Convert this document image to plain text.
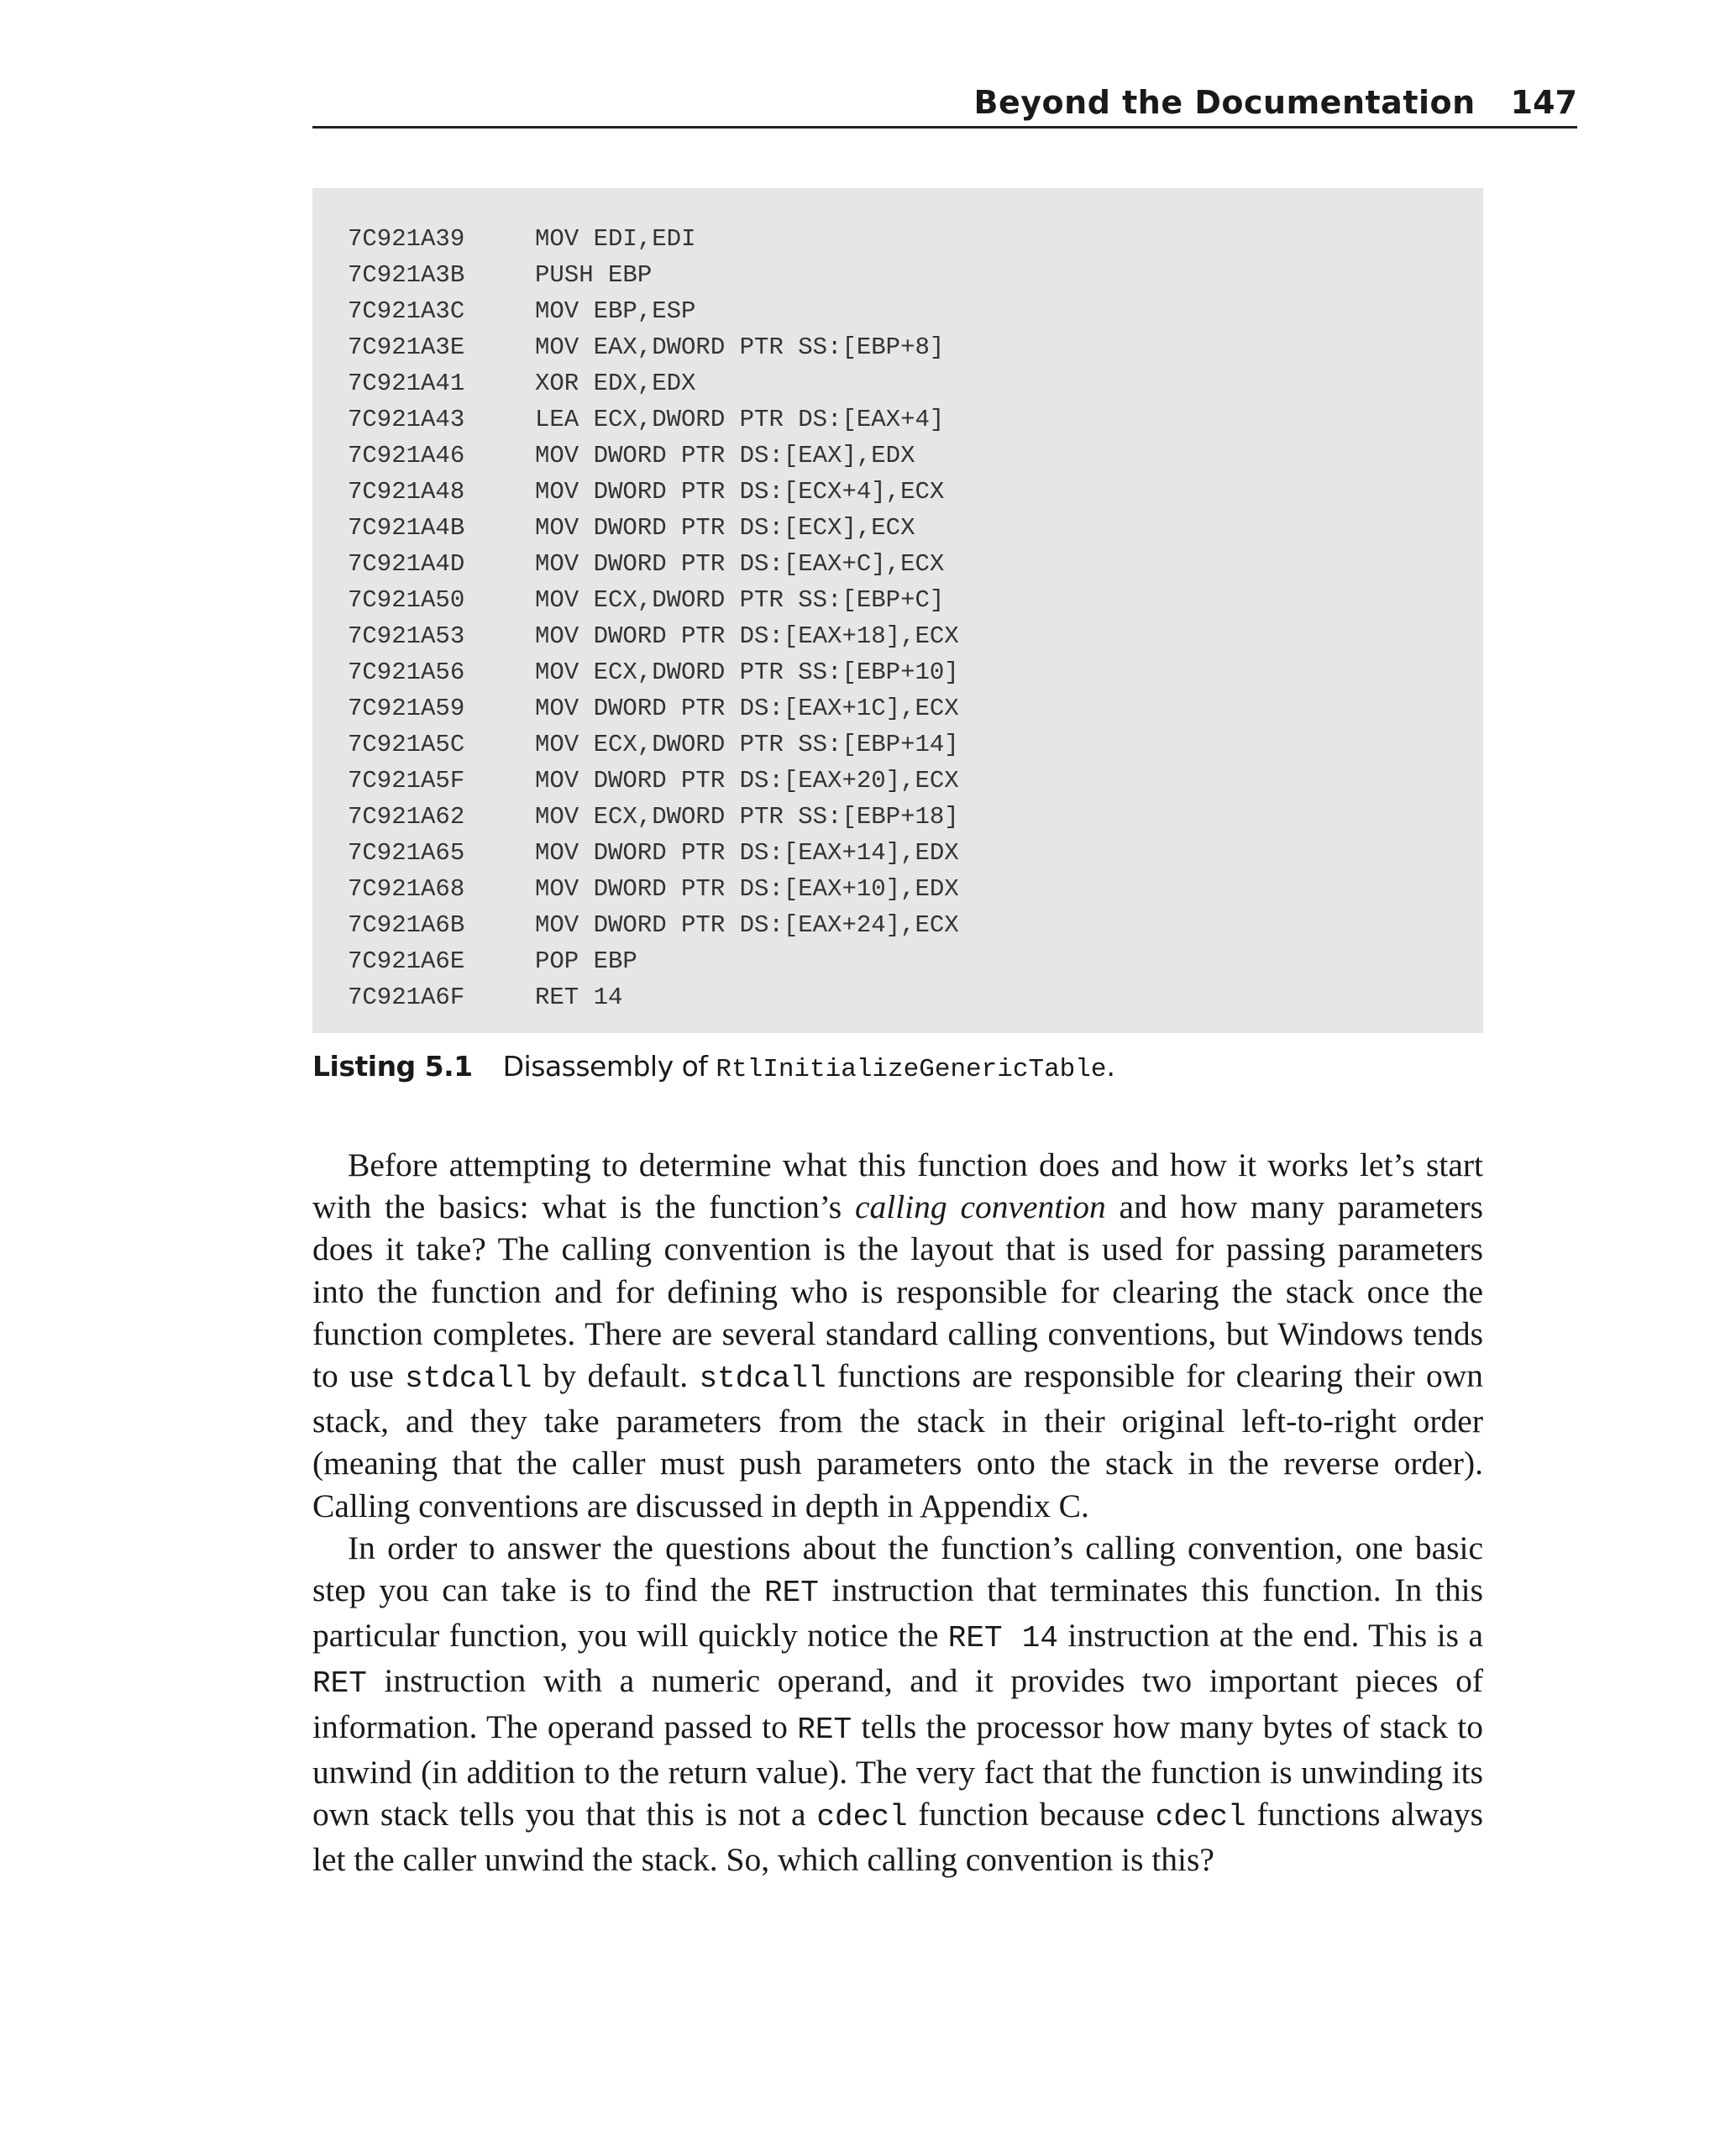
Beyond the Documentation 147
7C921A39	MOV EDI,EDI
7C921A3B	PUSH EBP
7C921A3C	MOV EBP,ESP
7C921A3E	MOV EAX,DWORD PTR SS:[EBP+8]
7C921A41	XOR EDX,EDX
7C921A43	LEA ECX,DWORD PTR DS:[EAX+4]
7C921A46	MOV DWORD PTR DS:[EAX],EDX
7C921A48	MOV DWORD PTR DS:[ECX+4],ECX
7C921A4B	MOV DWORD PTR DS:[ECX],ECX
7C921A4D	MOV DWORD PTR DS:[EAX+C],ECX
7C921A50	MOV ECX,DWORD PTR SS:[EBP+C]
7C921A53	MOV DWORD PTR DS:[EAX+18],ECX
7C921A56	MOV ECX,DWORD PTR SS:[EBP+10]
7C921A59	MOV DWORD PTR DS:[EAX+1C],ECX
7C921A5C	MOV ECX,DWORD PTR SS:[EBP+14]
7C921A5F	MOV DWORD PTR DS:[EAX+20],ECX
7C921A62	MOV ECX,DWORD PTR SS:[EBP+18]
7C921A65	MOV DWORD PTR DS:[EAX+14],EDX
7C921A68	MOV DWORD PTR DS:[EAX+10],EDX
7C921A6B	MOV DWORD PTR DS:[EAX+24],ECX
7C921A6E	POP EBP
7C921A6F	RET 14
Listing 5.1 Disassembly of RtlInitializeGenericTable.

Before attempting to determine what this function does and how it works let’s start with the basics: what is the function’s calling convention and how many parameters does it take? The calling convention is the layout that is used for passing parameters into the function and for defining who is responsible for clearing the stack once the function completes. There are several standard calling conventions, but Windows tends to use stdcall by default. stdcall functions are responsible for clearing their own stack, and they take parameters from the stack in their original left-to-right order (meaning that the caller must push parameters onto the stack in the reverse order). Calling conventions are discussed in depth in Appendix C.

In order to answer the questions about the function’s calling convention, one basic step you can take is to find the RET instruction that terminates this function. In this particular function, you will quickly notice the RET 14 instruction at the end. This is a RET instruction with a numeric operand, and it provides two important pieces of information. The operand passed to RET tells the processor how many bytes of stack to unwind (in addition to the return value). The very fact that the function is unwinding its own stack tells you that this is not a cdecl function because cdecl functions always let the caller unwind the stack. So, which calling convention is this?
